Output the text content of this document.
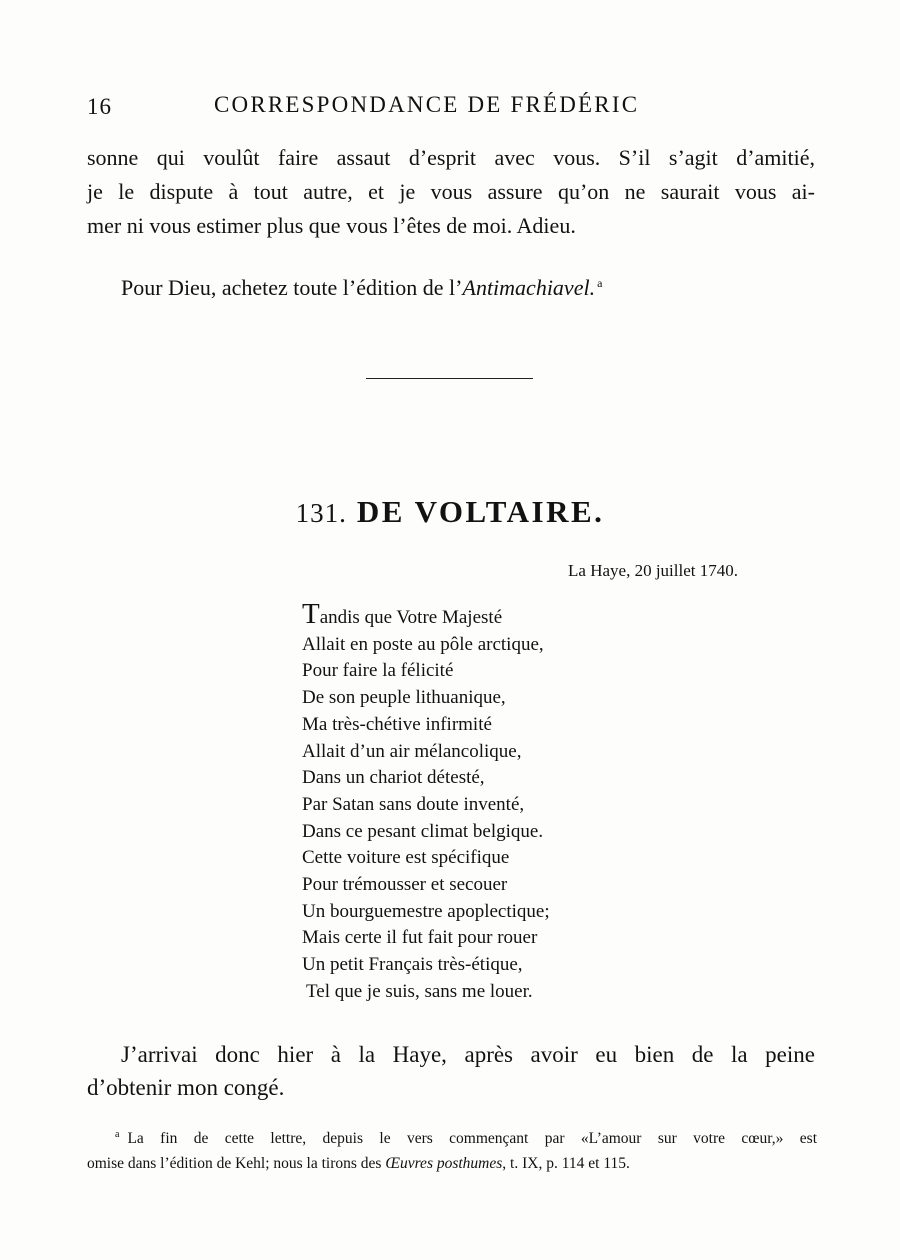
16	CORRESPONDANCE DE FRÉDÉRIC
sonne qui voulût faire assaut d’esprit avec vous. S’il s’agit d’amitié,
je le dispute à tout autre, et je vous assure qu’on ne saurait vous ai-
mer ni vous estimer plus que vous l’êtes de moi. Adieu.
Pour Dieu, achetez toute l’édition de l’Antimachiavel. $^a$
131. DE VOLTAIRE.
La Haye, 20 juillet 1740.
Tandis que Votre Majesté
Allait en poste au pôle arctique,
Pour faire la félicité
De son peuple lithuanique,
Ma très-chétive infirmité
Allait d’un air mélancolique,
Dans un chariot détesté,
Par Satan sans doute inventé,
Dans ce pesant climat belgique.
Cette voiture est spécifique
Pour trémousser et secouer
Un bourguemestre apoplectique;
Mais certe il fut fait pour rouer
Un petit Français très-étique,
Tel que je suis, sans me louer.
J’arrivai donc hier à la Haye, après avoir eu bien de la peine
d’obtenir mon congé.
$^a$ La fin de cette lettre, depuis le vers commençant par «L’amour sur votre cœur,» est
omise dans l’édition de Kehl; nous la tirons des Œuvres posthumes, t. IX, p. 114 et 115.
